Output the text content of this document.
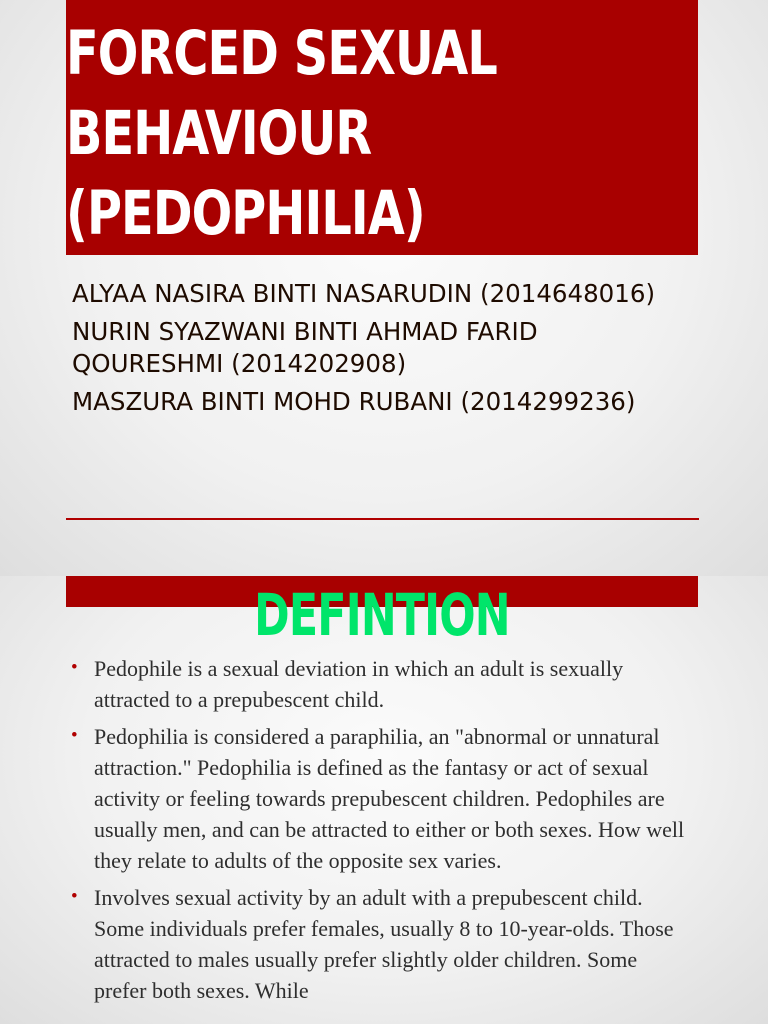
FORCED SEXUAL
BEHAVIOUR
(PEDOPHILIA)
ALYAA NASIRA BINTI NASARUDIN (2014648016)
NURIN SYAZWANI BINTI AHMAD FARID QOURESHMI (2014202908)
MASZURA BINTI MOHD RUBANI (2014299236)
DEFINTION
• Pedophile is a sexual deviation in which an adult is sexually attracted to a prepubescent child.
• Pedophilia is considered a paraphilia, an "abnormal or unnatural attraction." Pedophilia is defined as the fantasy or act of sexual activity or feeling towards prepubescent children. Pedophiles are usually men, and can be attracted to either or both sexes. How well they relate to adults of the opposite sex varies.
• Involves sexual activity by an adult with a prepubescent child. Some individuals prefer females, usually 8 to 10-year-olds. Those attracted to males usually prefer slightly older children. Some prefer both sexes. While
